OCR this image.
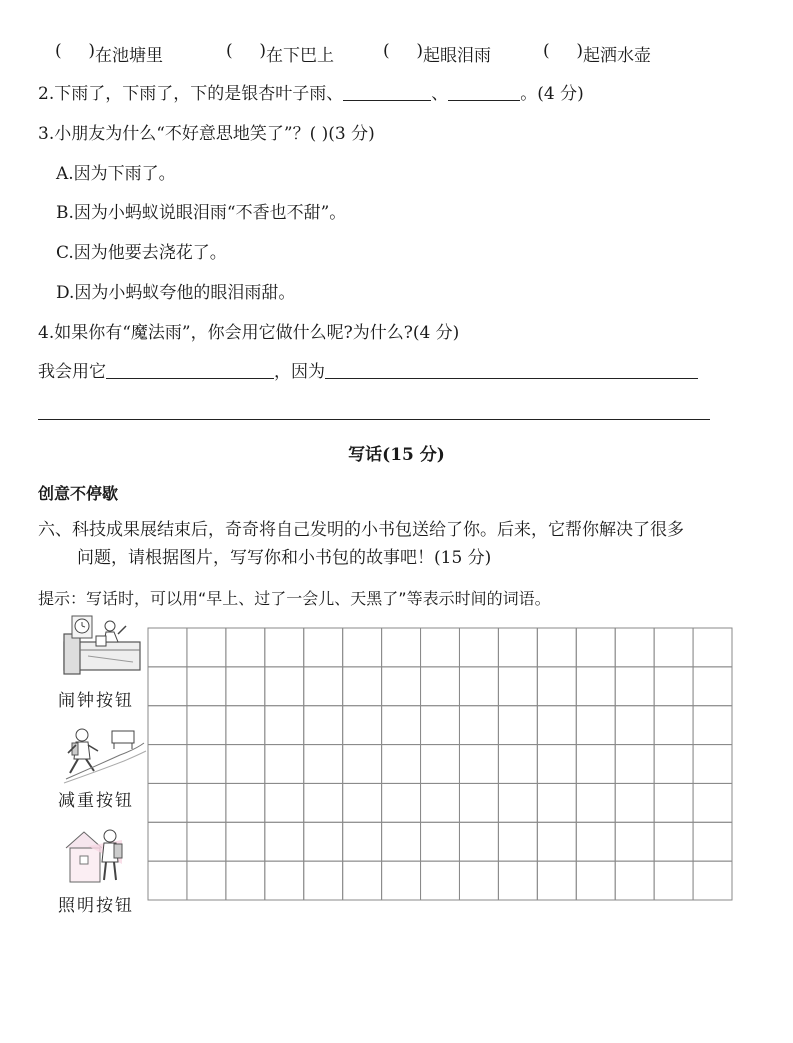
( ) 在池塘里	( ) 在下巴上	( ) 起眼泪雨	( ) 起洒水壶
2.下雨了，下雨了，下的是银杏叶子雨、	、	。(4 分)
3.小朋友为什么“不好意思地笑了”？( )(3 分)
A.因为下雨了。
B.因为小蚂蚁说眼泪雨“不香也不甜”。
C.因为他要去浇花了。
D.因为小蚂蚁夸他的眼泪雨甜。
4.如果你有“魔法雨”，你会用它做什么呢?为什么?(4 分)
我会用它	，因为
写话(15 分)
创意不停歇
六、科技成果展结束后，奇奇将自己发明的小书包送给了你。后来，它帮你解决了很多
问题，请根据图片，写写你和小书包的故事吧！(15 分)
提示：写话时，可以用“早上、过了一会儿、天黑了”等表示时间的词语。
闹钟按钮
减重按钮
照明按钮
